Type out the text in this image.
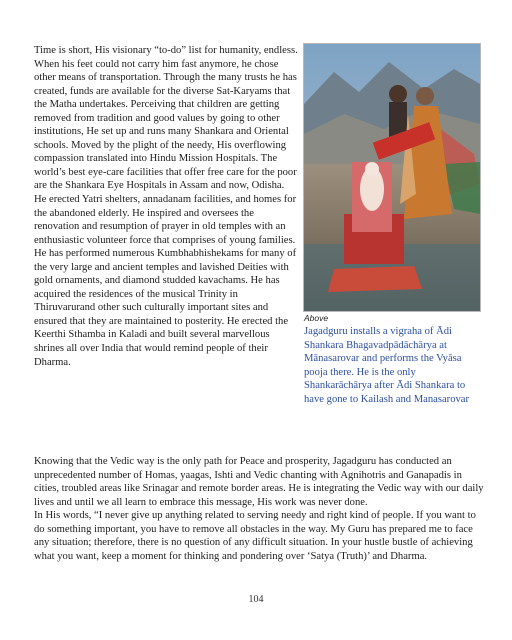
Time is short, His visionary “to-do” list for humanity, endless. When his feet could not carry him fast anymore, he chose other means of transportation. Through the many trusts he has created, funds are available for the diverse Sat-Karyams that the Matha undertakes. Perceiving that children are getting removed from tradition and good values by going to other institutions, He set up and runs many Shankara and Oriental schools. Moved by the plight of the needy, His overflowing compassion translated into Hindu Mission Hospitals. The world’s best eye-care facilities that offer free care for the poor are the Shankara Eye Hospitals in Assam and now, Odisha. He erected Yatri shelters, annadanam facilities, and homes for the abandoned elderly. He inspired and oversees the renovation and resumption of prayer in old temples with an enthusiastic volunteer force that comprises of young families. He has performed numerous Kumbhabhishekams for many of the very large and ancient temples and lavished Deities with gold ornaments, and diamond studded kavachams. He has acquired the residences of the musical Trinity in Thiruvarurand other such culturally important sites and ensured that they are maintained to posterity. He erected the Keerthi Sthamba in Kaladi and built several marvellous shrines all over India that would remind people of their Dharma.

Above
Jagadguru installs a vigraha of Ādi Shankara Bhagavadpādāchārya at Mānasarovar and performs the Vyāsa pooja there. He is the only Shankarāchārya after Ādi Shankara to have gone to Kailash and Manasarovar

Knowing that the Vedic way is the only path for Peace and prosperity, Jagadguru has conducted an unprecedented number of Homas, yaagas, Ishti and Vedic chanting with Agnihotris and Ganapadis in cities, troubled areas like Srinagar and remote border areas. He is integrating the Vedic way with our daily lives and until we all learn to embrace this message, His work was never done.

In His words, “I never give up anything related to serving needy and right kind of people. If you want to do something important, you have to remove all obstacles in the way. My Guru has prepared me to face any situation; therefore, there is no question of any difficult situation. In your hustle bustle of achieving what you want, keep a moment for thinking and pondering over ‘Satya (Truth)’ and Dharma.

104
